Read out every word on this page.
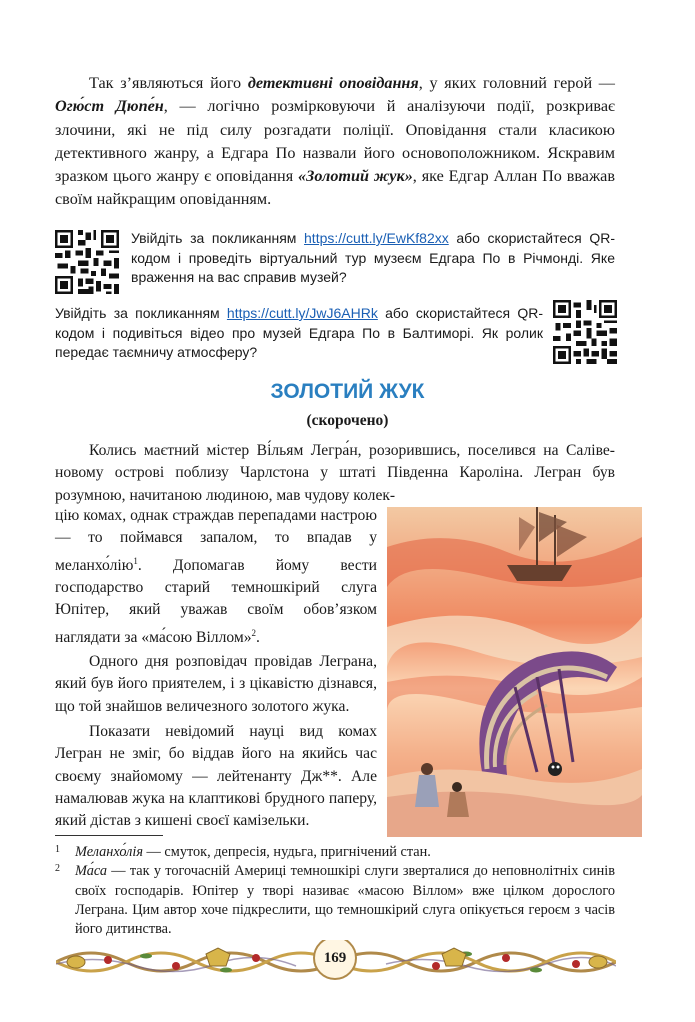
Так з’являються його детективні оповідання, у яких головний герой — Огю́ст Дюпе́н, — логічно розмірковуючи й аналізуючи події, розкриває злочини, які не під силу розгадати поліції. Оповідання стали класикою детективного жанру, а Едгара По назвали його основоположником. Яскравим зразком цього жанру є оповідання «Золотий жук», яке Едгар Аллан По вважав своїм найкращим оповіданням.

Увійдіть за покликанням https://cutt.ly/EwKf82xx або скористайтеся QR-кодом і проведіть віртуальний тур музеєм Едгара По в Річмонді. Яке враження на вас справив музей?

Увійдіть за покликанням https://cutt.ly/JwJ6AHRk або скористайтеся QR-кодом і подивіться відео про музей Едгара По в Балтиморі. Як ролик передає таємничу атмосферу?

ЗОЛОТИЙ ЖУК

(скорочено)

Колись маєтний містер Ві́льям Легра́н, розорившись, поселився на Салівеновому острові поблизу Чарлстона у штаті Південна Кароліна. Легран був розумною, начитаною людиною, мав чудову колек-

цію комах, однак страждав перепадами настрою — то поймався запалом, то впадав у меланхо́лію$^1$. Допомагав йому вести господарство старий темношкірий слуга Юпітер, який уважав своїм обов’язком наглядати за «ма́сою Віллом»$^2$.

Одного дня розповідач провідав Леграна, який був його приятелем, і з цікавістю дізнався, що той знайшов величезного золотого жука.

Показати невідомий науці вид комах Легран не зміг, бо віддав його на якийсь час своєму знайомому — лейтенанту Дж**. Але намалював жука на клаптикові брудного паперу, який дістав з кишені своєї камізельки.

1 Меланхо́лія — смуток, депресія, нудьга, пригнічений стан.

2 Ма́са — так у тогочасній Америці темношкірі слуги зверталися до неповнолітніх синів своїх господарів. Юпітер у творі називає «масою Віллом» вже цілком дорослого Леграна. Цим автор хоче підкреслити, що темношкірий слуга опікується героєм з часів його дитинства.

169
